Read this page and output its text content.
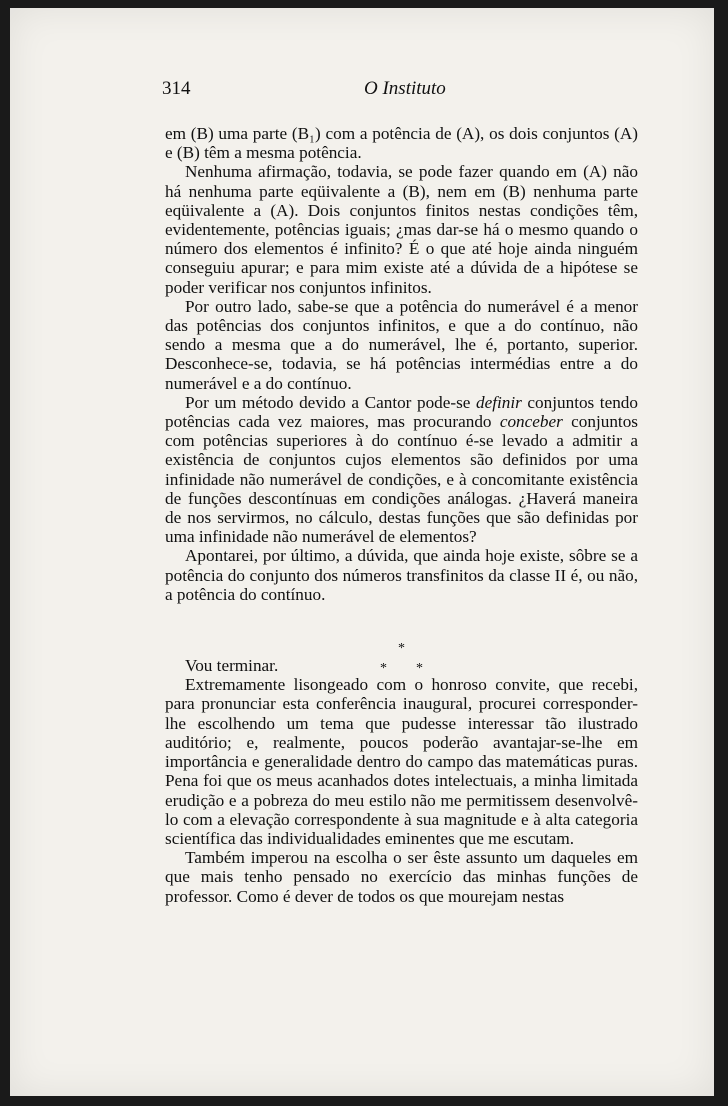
314	O Instituto
*
* *

em (B) uma parte (B₁) com a potência de (A), os dois conjuntos (A) e (B) têm a mesma potência.

Nenhuma afirmação, todavia, se pode fazer quando em (A) não há nenhuma parte eqüivalente a (B), nem em (B) nenhuma parte eqüivalente a (A). Dois conjuntos finitos nestas condições têm, evidentemente, potências iguais; ¿mas dar-se há o mesmo quando o número dos elementos é infinito? É o que até hoje ainda ninguém conseguiu apurar; e para mim existe até a dúvida de a hipótese se poder verificar nos conjuntos infinitos.

Por outro lado, sabe-se que a potência do numerável é a menor das potências dos conjuntos infinitos, e que a do contínuo, não sendo a mesma que a do numerável, lhe é, portanto, superior. Desconhece-se, todavia, se há potências intermédias entre a do numerável e a do contínuo.

Por um método devido a Cantor pode-se definir conjuntos tendo potências cada vez maiores, mas procurando conceber conjuntos com potências superiores à do contínuo é-se levado a admitir a existência de conjuntos cujos elementos são definidos por uma infinidade não numerável de condições, e à concomitante existência de funções descontínuas em condições análogas. ¿Haverá maneira de nos servirmos, no cálculo, destas funções que são definidas por uma infinidade não numerável de elementos?

Apontarei, por último, a dúvida, que ainda hoje existe, sôbre se a potência do conjunto dos números transfinitos da classe II é, ou não, a potência do contínuo.

Vou terminar.

Extremamente lisongeado com o honroso convite, que recebi, para pronunciar esta conferência inaugural, procurei corresponder-lhe escolhendo um tema que pudesse interessar tão ilustrado auditório; e, realmente, poucos poderão avantajar-se-lhe em importância e generalidade dentro do campo das matemáticas puras. Pena foi que os meus acanhados dotes intelectuais, a minha limitada erudição e a pobreza do meu estilo não me permitissem desenvolvê-lo com a elevação correspondente à sua magnitude e à alta categoria scientífica das individualidades eminentes que me escutam.

Também imperou na escolha o ser êste assunto um daqueles em que mais tenho pensado no exercício das minhas funções de professor. Como é dever de todos os que mourejam nestas
